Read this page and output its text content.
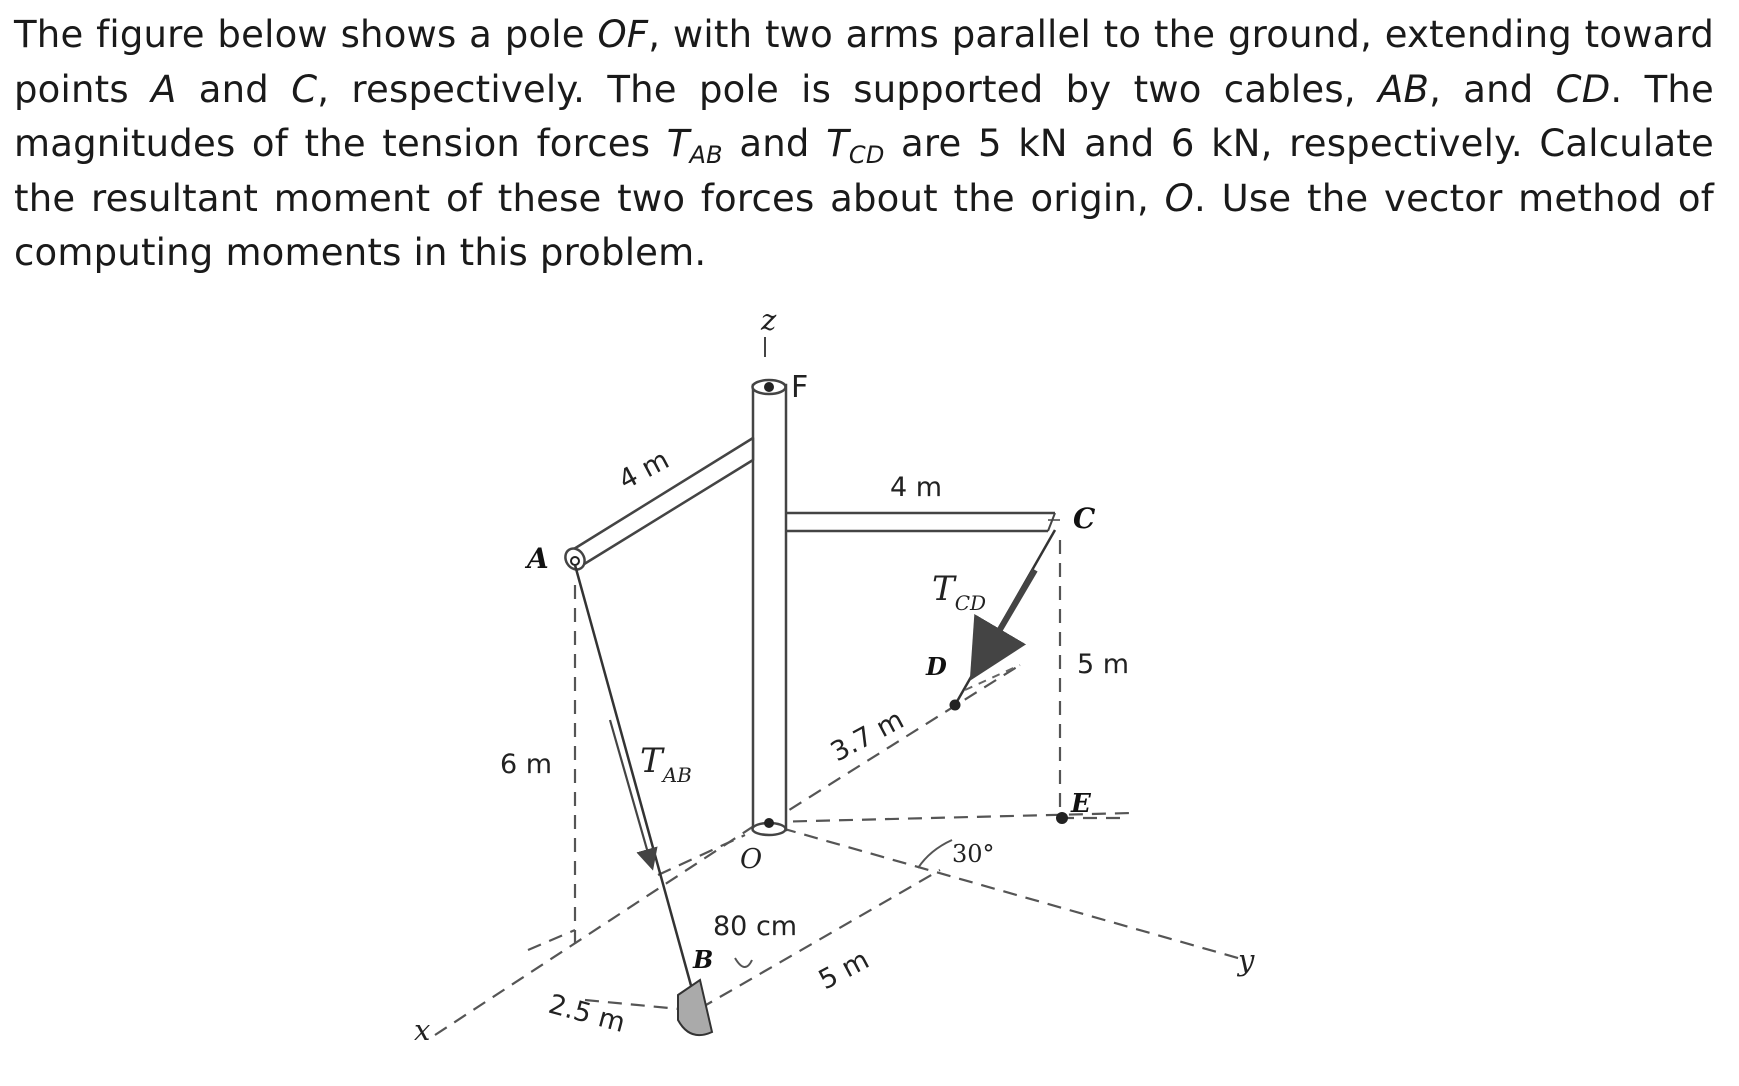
The figure below shows a pole OF, with two arms parallel to the ground, extending toward points A and C, respectively. The pole is supported by two cables, AB, and CD. The magnitudes of the tension forces $T_{AB}$ and $T_{CD}$ are 5 kN and 6 kN, respectively. Calculate the resultant moment of these two forces about the origin, O. Use the vector method of computing moments in this problem.
z
x
y
F
A
B
C
D
E
O
$T_{AB}$
$T_{CD}$
4 m	4 m
6 m
5 m
3.7 m
80 cm
2.5 m
5 m
30°
